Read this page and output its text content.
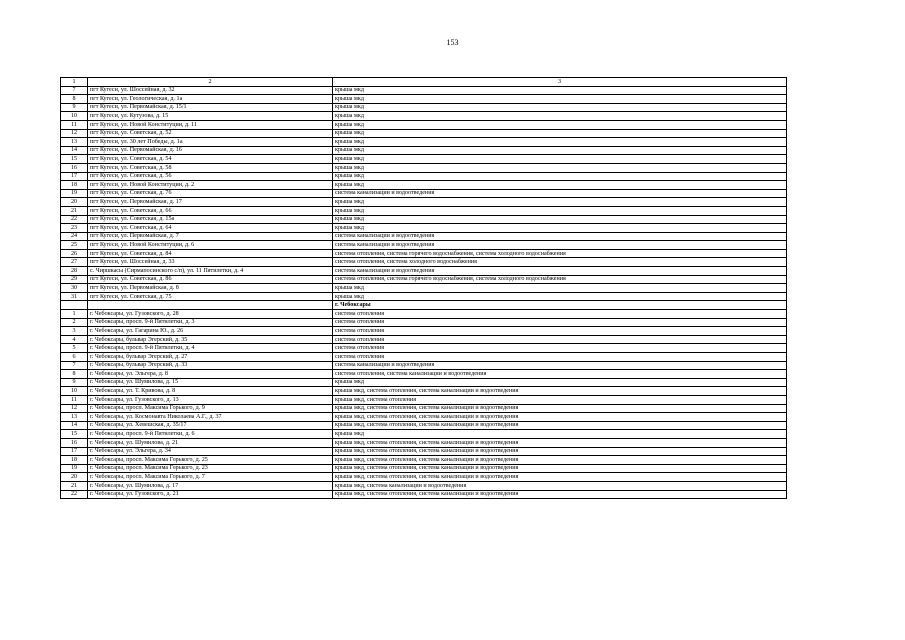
153
1	2	3
7	пгт Кугеси, ул. Шоссейная, д. 32	крыша мкд
8	пгт Кугеси, ул. Геологическая, д. 1а	крыша мкд
9	пгт Кугеси, ул. Первомайская, д. 15/1	крыша мкд
10	пгт Кугеси, ул. Кутузова, д. 15	крыша мкд
11	пгт Кугеси, ул. Новой Конституции, д. 11	крыша мкд
12	пгт Кугеси, ул. Советская, д. 52	крыша мкд
13	пгт Кугеси, ул. 30 лет Победы, д. 1а	крыша мкд
14	пгт Кугеси, ул. Первомайская, д. 16	крыша мкд
15	пгт Кугеси, ул. Советская, д. 54	крыша мкд
16	пгт Кугеси, ул. Советская, д. 58	крыша мкд
17	пгт Кугеси, ул. Советская, д. 56	крыша мкд
18	пгт Кугеси, ул. Новой Конституции, д. 2	крыша мкд
19	пгт Кугеси, ул. Советская, д. 76	система канализации и водоотведения
20	пгт Кугеси, ул. Первомайская, д. 17	крыша мкд
21	пгт Кугеси, ул. Советская, д. 66	крыша мкд
22	пгт Кугеси, ул. Советская, д. 15а	крыша мкд
23	пгт Кугеси, ул. Советская, д. 64	крыша мкд
24	пгт Кугеси, ул. Первомайская, д. 7	система канализации и водоотведения
25	пгт Кугеси, ул. Новой Конституции, д. 6	система канализации и водоотведения
26	пгт Кугеси, ул. Советская, д. 84	система отопления, система горячего водоснабжения, система холодного водоснабжения
27	пгт Кугеси, ул. Шоссейная, д. 33	система отопления, система холодного водоснабжения
28	с. Чиршкасы (Сирмапосинского с/п), ул. 11 Пятилетки, д. 4	система канализации и водоотведения
29	пгт Кугеси, ул. Советская, д. 86	система отопления, система горячего водоснабжения, система холодного водоснабжения
30	пгт Кугеси, ул. Первомайская, д. 8	крыша мкд
31	пгт Кугеси, ул. Советская, д. 75	крыша мкд
		г. Чебоксары
1	г. Чебоксары, ул. Гузовского, д. 28	система отопления
2	г. Чебоксары, просп. 9-й Пятилетки, д. 3	система отопления
3	г. Чебоксары, ул. Гагарина Ю., д. 26	система отопления
4	г. Чебоксары, бульвар Эгерский, д. 35	система отопления
5	г. Чебоксары, просп. 9-й Пятилетки, д. 4	система отопления
6	г. Чебоксары, бульвар Эгерский, д. 27	система отопления
7	г. Чебоксары, бульвар Эгерский, д. 33	система канализации и водоотведения
8	г. Чебоксары, ул. Эльгера, д. 8	система отопления, система канализации и водоотведения
9	г. Чебоксары, ул. Шумилова, д. 15	крыша мкд
10	г. Чебоксары, ул. Т. Кривова, д. 8	крыша мкд, система отопления, система канализации и водоотведения
11	г. Чебоксары, ул. Гузовского, д. 13	крыша мкд, система отопления
12	г. Чебоксары, просп. Максима Горького, д. 9	крыша мкд, система отопления, система канализации и водоотведения
13	г. Чебоксары, ул. Космонавта Николаева А.Г., д. 37	крыша мкд, система отопления, система канализации и водоотведения
14	г. Чебоксары, ул. Хевешская, д. 35/17	крыша мкд, система отопления, система канализации и водоотведения
15	г. Чебоксары, просп. 9-й Пятилетки, д. 6	крыша мкд
16	г. Чебоксары, ул. Шумилова, д. 21	крыша мкд, система отопления, система канализации и водоотведения
17	г. Чебоксары, ул. Эльгера, д. 34	крыша мкд, система отопления, система канализации и водоотведения
18	г. Чебоксары, просп. Максима Горького, д. 25	крыша мкд, система отопления, система канализации и водоотведения
19	г. Чебоксары, просп. Максима Горького, д. 23	крыша мкд, система отопления, система канализации и водоотведения
20	г. Чебоксары, просп. Максима Горького, д. 7	крыша мкд, система отопления, система канализации и водоотведения
21	г. Чебоксары, ул. Шумилова, д. 17	крыша мкд, система канализации и водоотведения
22	г. Чебоксары, ул. Гузовского, д. 21	крыша мкд, система отопления, система канализации и водоотведения
